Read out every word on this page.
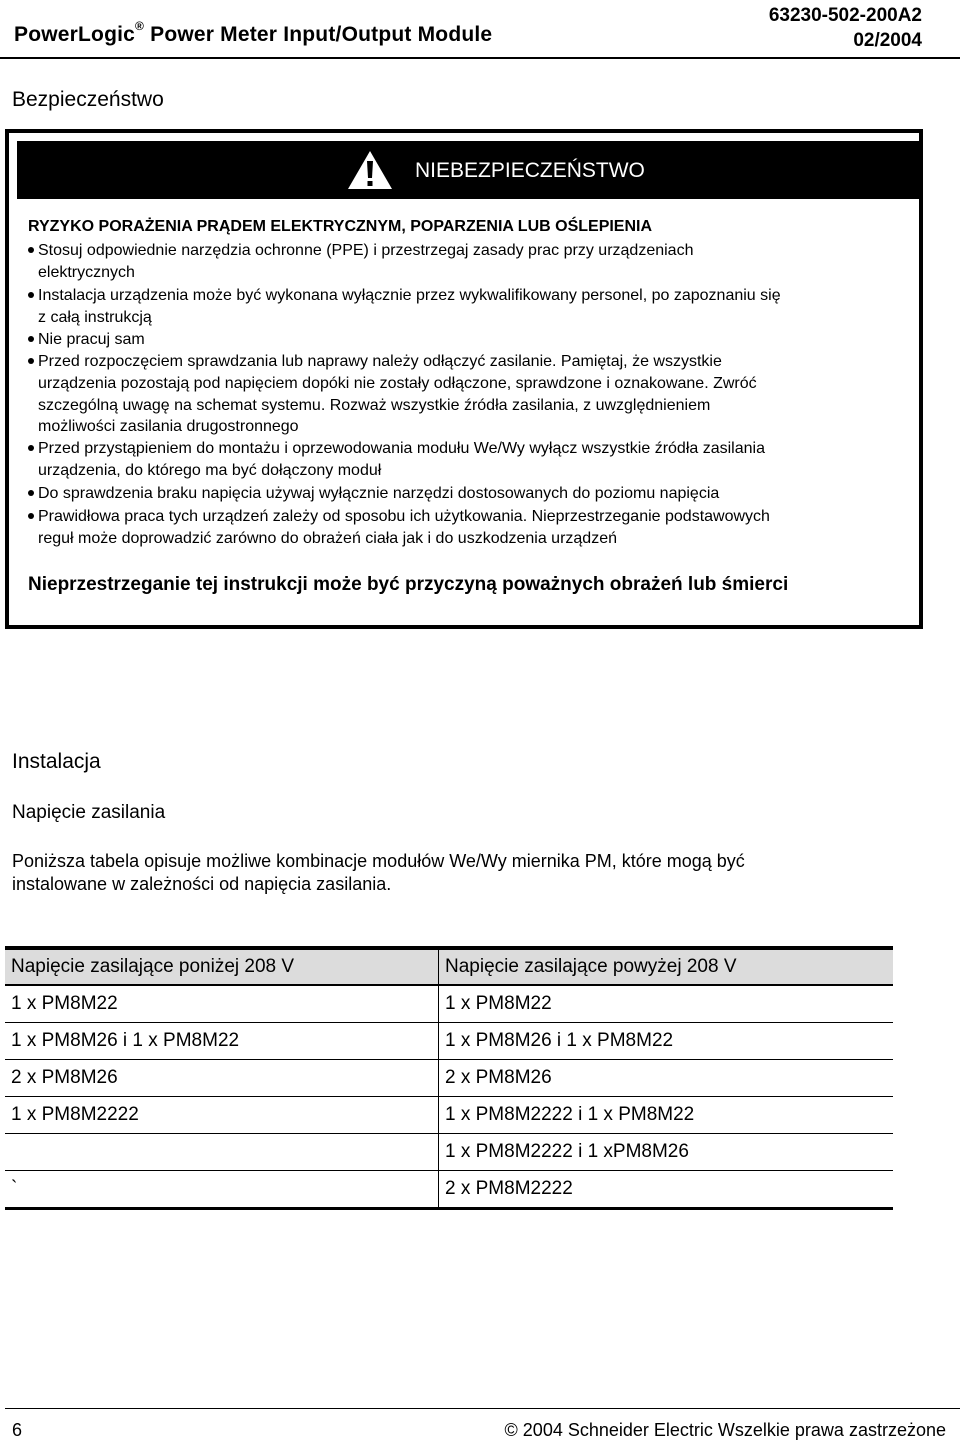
PowerLogic® Power Meter Input/Output Module
63230-502-200A2
02/2004
Bezpieczeństwo
NIEBEZPIECZEŃSTWO
RYZYKO PORAŻENIA PRĄDEM ELEKTRYCZNYM, POPARZENIA LUB OŚLEPIENIA
Stosuj odpowiednie narzędzia ochronne (PPE) i przestrzegaj zasady prac przy urządzeniach
elektrycznych
Instalacja urządzenia może być wykonana wyłącznie przez wykwalifikowany personel, po zapoznaniu się
z całą instrukcją
Nie pracuj sam
Przed rozpoczęciem sprawdzania lub naprawy należy odłączyć zasilanie. Pamiętaj, że wszystkie
urządzenia pozostają pod napięciem dopóki nie zostały odłączone, sprawdzone i oznakowane. Zwróć
szczególną uwagę na schemat systemu. Rozważ wszystkie źródła zasilania, z uwzględnieniem
możliwości zasilania drugostronnego
Przed przystąpieniem do montażu i oprzewodowania modułu We/Wy wyłącz wszystkie źródła zasilania
urządzenia, do którego ma być dołączony moduł
Do sprawdzenia braku napięcia używaj wyłącznie narzędzi dostosowanych do poziomu napięcia
Prawidłowa praca tych urządzeń zależy od sposobu ich użytkowania. Nieprzestrzeganie podstawowych
reguł może doprowadzić zarówno do obrażeń ciała jak i do uszkodzenia urządzeń
Nieprzestrzeganie tej instrukcji może być przyczyną poważnych obrażeń lub śmierci
Instalacja
Napięcie zasilania
Poniższa tabela opisuje możliwe kombinacje modułów We/Wy miernika PM, które mogą być
instalowane w zależności od napięcia zasilania.
Napięcie zasilające poniżej 208 V	Napięcie zasilające powyżej 208 V
1 x PM8M22	1 x PM8M22
1 x PM8M26 i 1 x PM8M22	1 x PM8M26 i 1 x PM8M22
2 x PM8M26	2 x PM8M26
1 x PM8M2222	1 x PM8M2222 i 1 x PM8M22
	1 x PM8M2222 i 1 xPM8M26
`	2 x PM8M2222
6	© 2004 Schneider Electric Wszelkie prawa zastrzeżone
